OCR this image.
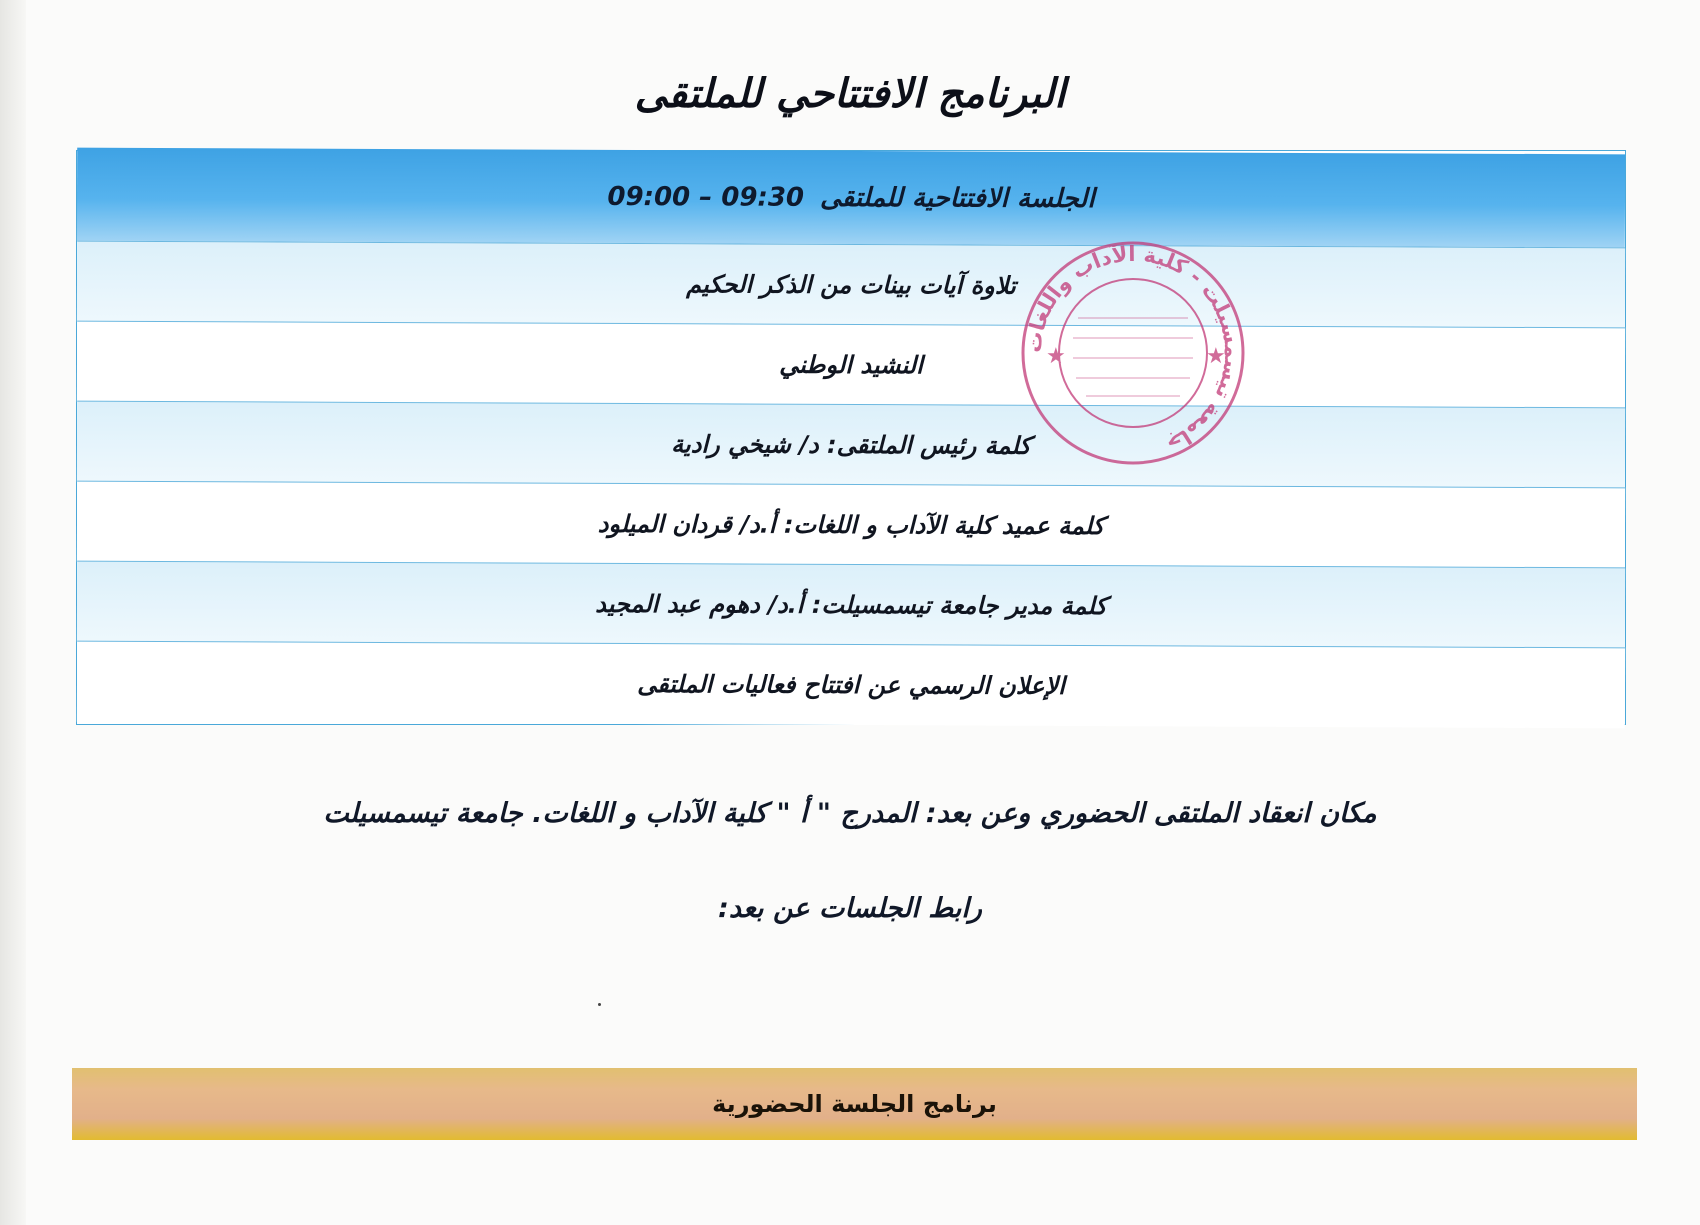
البرنامج الافتتاحي للملتقى
الجلسة الافتتاحية للملتقى
09:00 – 09:30
تلاوة آيات بينات من الذكر الحكيم
النشيد الوطني
كلمة رئيس الملتقى: د/ شيخي رادية
كلمة عميد كلية الآداب و اللغات: أ.د/ قردان الميلود
كلمة مدير جامعة تيسمسيلت: أ.د/ دهوم عبد المجيد
الإعلان الرسمي عن افتتاح فعاليات الملتقى
جامعة تيسمسيلت - كلية الآداب واللغات
★	★
مكان انعقاد الملتقى الحضوري وعن بعد: المدرج " أ " كلية الآداب و اللغات. جامعة تيسمسيلت
رابط الجلسات عن بعد:
برنامج الجلسة الحضورية
